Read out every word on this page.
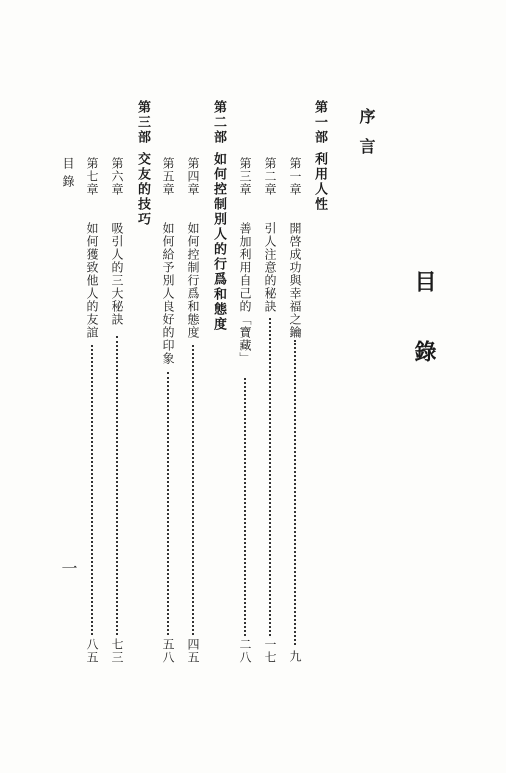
目
錄
序言
第一部
利用人性
第一章
開啓成功與幸福之鑰
九
第二章
引人注意的秘訣
一七
第三章
善加利用自己的「寶藏」
二八
第二部
如何控制別人的行爲和態度
第四章
如何控制行爲和態度
四五
第五章
如何給予別人良好的印象
五八
第三部
交友的技巧
第六章
吸引人的三大秘訣
七三
第七章
如何獲致他人的友誼
八五
目錄
一
